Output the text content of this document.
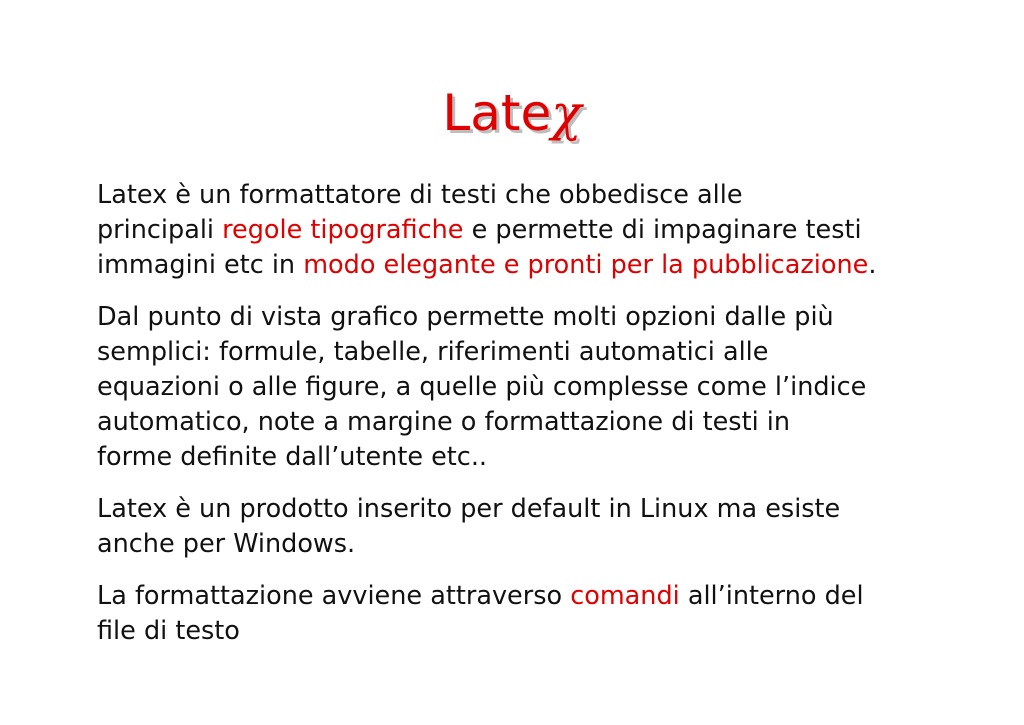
Lateχ
Latex è un formattatore di testi che obbedisce alle
principali regole tipografiche e permette di impaginare testi
immagini etc in modo elegante e pronti per la pubblicazione.
Dal punto di vista grafico permette molti opzioni dalle più
semplici: formule, tabelle, riferimenti automatici alle
equazioni o alle figure, a quelle più complesse come l’indice
automatico, note a margine o formattazione di testi in
forme definite dall’utente etc..
Latex è un prodotto inserito per default in Linux ma esiste
anche per Windows.
La formattazione avviene attraverso comandi all’interno del
file di testo
